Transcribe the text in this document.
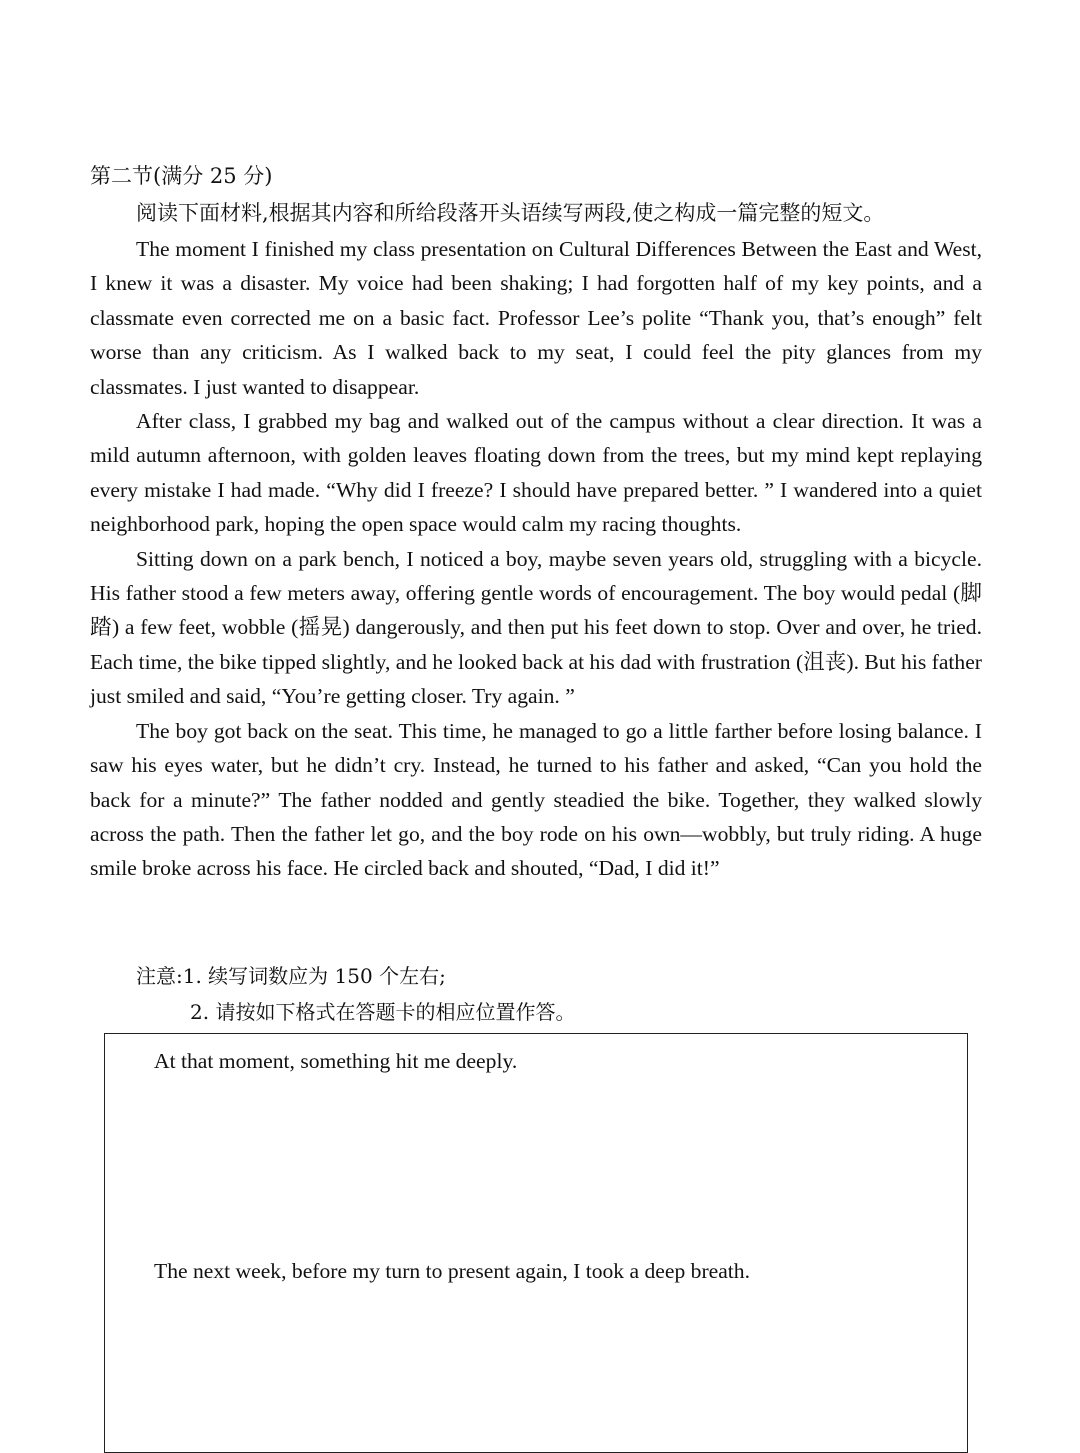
第二节(满分 25 分)
阅读下面材料,根据其内容和所给段落开头语续写两段,使之构成一篇完整的短文。

The moment I finished my class presentation on Cultural Differences Between the East and West, I knew it was a disaster. My voice had been shaking; I had forgotten half of my key points, and a classmate even corrected me on a basic fact. Professor Lee’s polite “Thank you, that’s enough” felt worse than any criticism. As I walked back to my seat, I could feel the pity glances from my classmates. I just wanted to disappear.

After class, I grabbed my bag and walked out of the campus without a clear direction. It was a mild autumn afternoon, with golden leaves floating down from the trees, but my mind kept replaying every mistake I had made. “Why did I freeze? I should have prepared better. ” I wandered into a quiet neighborhood park, hoping the open space would calm my racing thoughts.

Sitting down on a park bench, I noticed a boy, maybe seven years old, struggling with a bicycle. His father stood a few meters away, offering gentle words of encouragement. The boy would pedal (脚踏) a few feet, wobble (摇晃) dangerously, and then put his feet down to stop. Over and over, he tried. Each time, the bike tipped slightly, and he looked back at his dad with frustration (沮丧). But his father just smiled and said, “You’re getting closer. Try again. ”

The boy got back on the seat. This time, he managed to go a little farther before losing balance. I saw his eyes water, but he didn’t cry. Instead, he turned to his father and asked, “Can you hold the back for a minute?” The father nodded and gently steadied the bike. Together, they walked slowly across the path. Then the father let go, and the boy rode on his own—wobbly, but truly riding. A huge smile broke across his face. He circled back and shouted, “Dad, I did it!”

注意:1. 续写词数应为 150 个左右;
2. 请按如下格式在答题卡的相应位置作答。
At that moment, something hit me deeply.
The next week, before my turn to present again, I took a deep breath.
